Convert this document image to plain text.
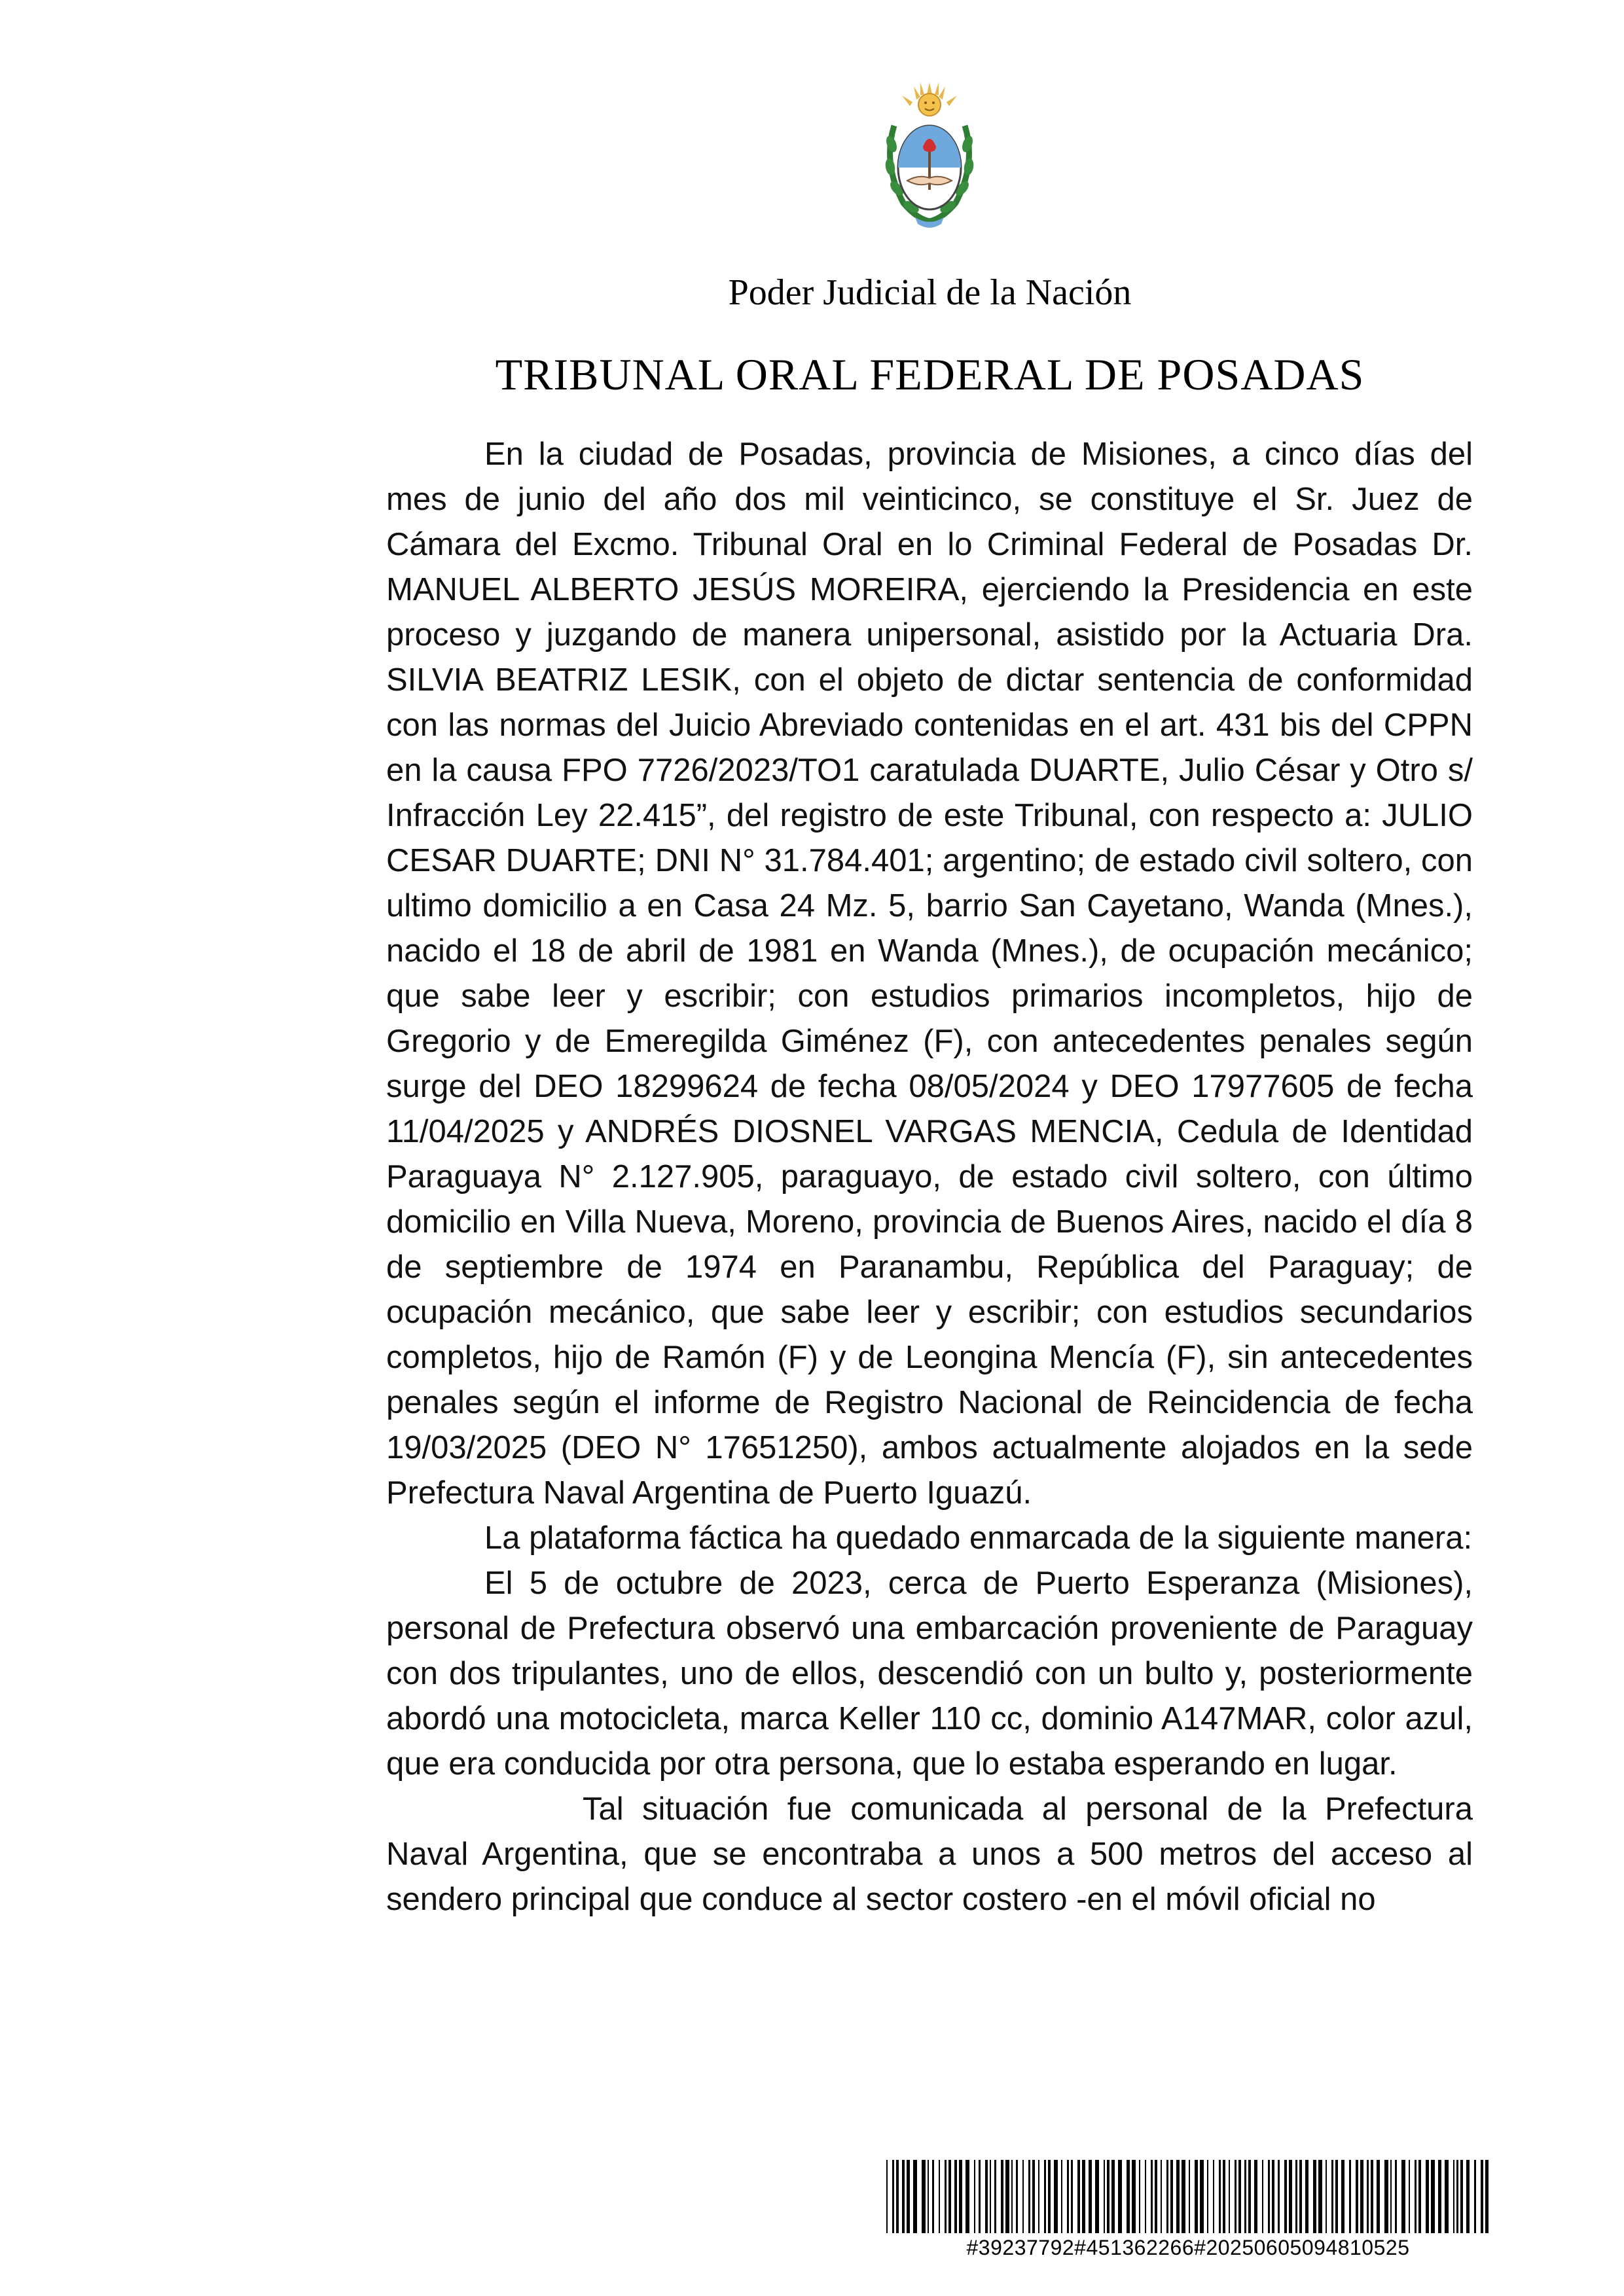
Poder Judicial de la Nación
TRIBUNAL ORAL FEDERAL DE POSADAS

En la ciudad de Posadas, provincia de Misiones, a cinco días del mes de junio del año dos mil veinticinco, se constituye el Sr. Juez de Cámara del Excmo. Tribunal Oral en lo Criminal Federal de Posadas Dr. MANUEL ALBERTO JESÚS MOREIRA, ejerciendo la Presidencia en este proceso y juzgando de manera unipersonal, asistido por la Actuaria Dra. SILVIA BEATRIZ LESIK, con el objeto de dictar sentencia de conformidad con las normas del Juicio Abreviado contenidas en el art. 431 bis del CPPN en la causa FPO 7726/2023/TO1 caratulada DUARTE, Julio César y Otro s/ Infracción Ley 22.415”, del registro de este Tribunal, con respecto a: JULIO CESAR DUARTE; DNI N° 31.784.401; argentino; de estado civil soltero, con ultimo domicilio a en Casa 24 Mz. 5, barrio San Cayetano, Wanda (Mnes.), nacido el 18 de abril de 1981 en Wanda (Mnes.), de ocupación mecánico; que sabe leer y escribir; con estudios primarios incompletos, hijo de Gregorio y de Emeregilda Giménez (F), con antecedentes penales según surge del DEO 18299624 de fecha 08/05/2024 y DEO 17977605 de fecha 11/04/2025 y ANDRÉS DIOSNEL VARGAS MENCIA, Cedula de Identidad Paraguaya N° 2.127.905, paraguayo, de estado civil soltero, con último domicilio en Villa Nueva, Moreno, provincia de Buenos Aires, nacido el día 8 de septiembre de 1974 en Paranambu, República del Paraguay; de ocupación mecánico, que sabe leer y escribir; con estudios secundarios completos, hijo de Ramón (F) y de Leongina Mencía (F), sin antecedentes penales según el informe de Registro Nacional de Reincidencia de fecha 19/03/2025 (DEO N° 17651250), ambos actualmente alojados en la sede Prefectura Naval Argentina de Puerto Iguazú.

La plataforma fáctica ha quedado enmarcada de la siguiente manera:

El 5 de octubre de 2023, cerca de Puerto Esperanza (Misiones), personal de Prefectura observó una embarcación proveniente de Paraguay con dos tripulantes, uno de ellos, descendió con un bulto y, posteriormente abordó una motocicleta, marca Keller 110 cc, dominio A147MAR, color azul, que era conducida por otra persona, que lo estaba esperando en lugar.

Tal situación fue comunicada al personal de la Prefectura Naval Argentina, que se encontraba a unos a 500 metros del acceso al sendero principal que conduce al sector costero -en el móvil oficial no

#39237792#451362266#20250605094810525
